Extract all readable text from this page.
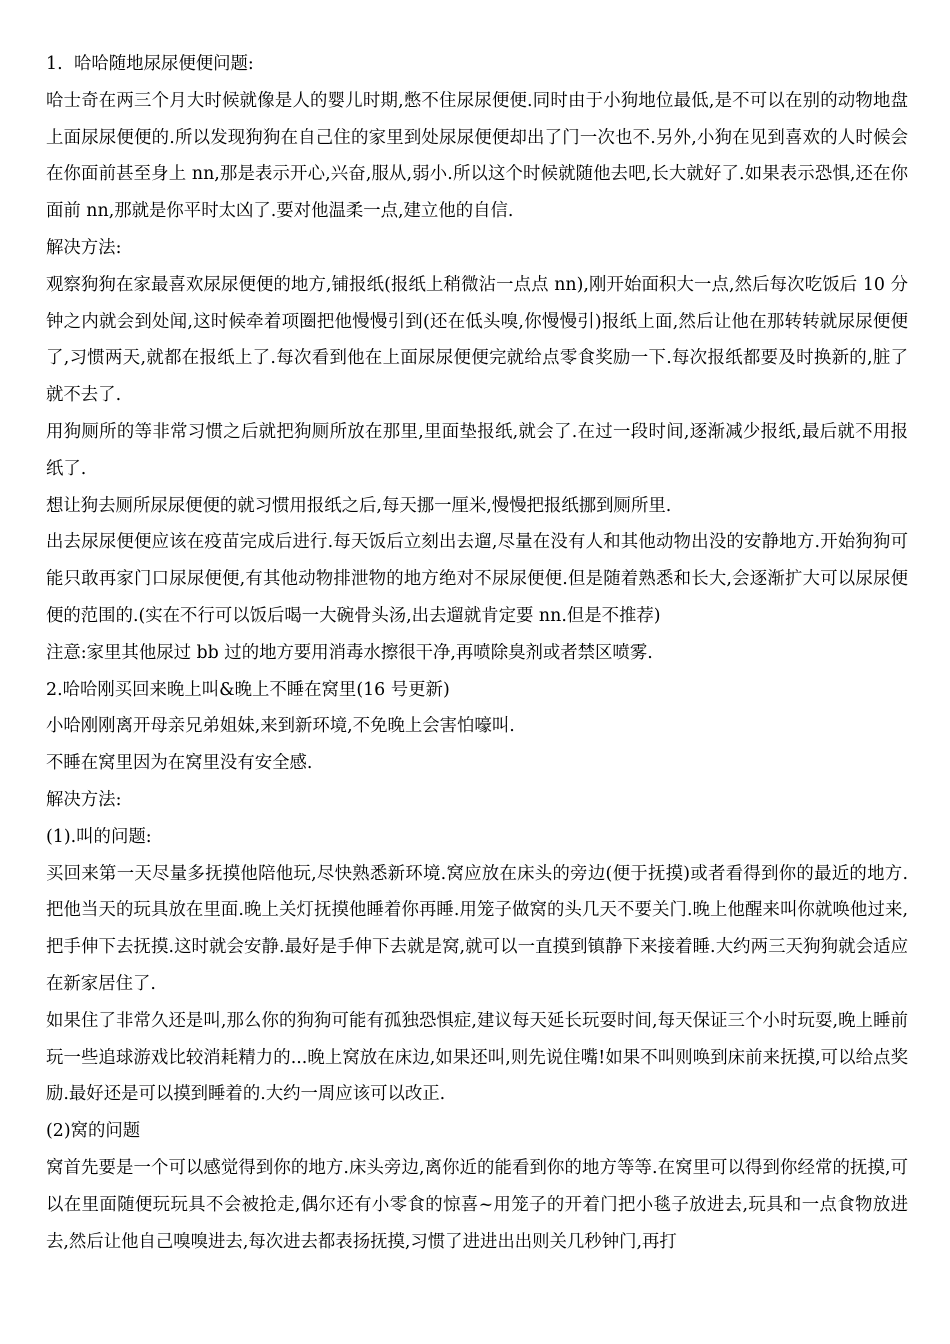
1. 哈哈随地尿尿便便问题:

哈士奇在两三个月大时候就像是人的婴儿时期,憋不住尿尿便便.同时由于小狗地位最低,是不可以在别的动物地盘上面尿尿便便的.所以发现狗狗在自己住的家里到处尿尿便便却出了门一次也不.另外,小狗在见到喜欢的人时候会在你面前甚至身上 nn,那是表示开心,兴奋,服从,弱小.所以这个时候就随他去吧,长大就好了.如果表示恐惧,还在你面前 nn,那就是你平时太凶了.要对他温柔一点,建立他的自信.

解决方法:

观察狗狗在家最喜欢尿尿便便的地方,铺报纸(报纸上稍微沾一点点 nn),刚开始面积大一点,然后每次吃饭后 10 分钟之内就会到处闻,这时候牵着项圈把他慢慢引到(还在低头嗅,你慢慢引)报纸上面,然后让他在那转转就尿尿便便了,习惯两天,就都在报纸上了.每次看到他在上面尿尿便便完就给点零食奖励一下.每次报纸都要及时换新的,脏了就不去了.

用狗厕所的等非常习惯之后就把狗厕所放在那里,里面垫报纸,就会了.在过一段时间,逐渐减少报纸,最后就不用报纸了.

想让狗去厕所尿尿便便的就习惯用报纸之后,每天挪一厘米,慢慢把报纸挪到厕所里.

出去尿尿便便应该在疫苗完成后进行.每天饭后立刻出去遛,尽量在没有人和其他动物出没的安静地方.开始狗狗可能只敢再家门口尿尿便便,有其他动物排泄物的地方绝对不尿尿便便.但是随着熟悉和长大,会逐渐扩大可以尿尿便便的范围的.(实在不行可以饭后喝一大碗骨头汤,出去遛就肯定要 nn.但是不推荐)

注意:家里其他尿过 bb 过的地方要用消毒水擦很干净,再喷除臭剂或者禁区喷雾.

2.哈哈刚买回来晚上叫&晚上不睡在窝里(16 号更新)

小哈刚刚离开母亲兄弟姐妹,来到新环境,不免晚上会害怕嚎叫.

不睡在窝里因为在窝里没有安全感.

解决方法:

(1).叫的问题:

买回来第一天尽量多抚摸他陪他玩,尽快熟悉新环境.窝应放在床头的旁边(便于抚摸)或者看得到你的最近的地方.把他当天的玩具放在里面.晚上关灯抚摸他睡着你再睡.用笼子做窝的头几天不要关门.晚上他醒来叫你就唤他过来,把手伸下去抚摸.这时就会安静.最好是手伸下去就是窝,就可以一直摸到镇静下来接着睡.大约两三天狗狗就会适应在新家居住了.

如果住了非常久还是叫,那么你的狗狗可能有孤独恐惧症,建议每天延长玩耍时间,每天保证三个小时玩耍,晚上睡前玩一些追球游戏比较消耗精力的...晚上窝放在床边,如果还叫,则先说住嘴!如果不叫则唤到床前来抚摸,可以给点奖励.最好还是可以摸到睡着的.大约一周应该可以改正.

(2)窝的问题

窝首先要是一个可以感觉得到你的地方.床头旁边,离你近的能看到你的地方等等.在窝里可以得到你经常的抚摸,可以在里面随便玩玩具不会被抢走,偶尔还有小零食的惊喜~用笼子的开着门把小毯子放进去,玩具和一点食物放进去,然后让他自己嗅嗅进去,每次进去都表扬抚摸,习惯了进进出出则关几秒钟门,再打
